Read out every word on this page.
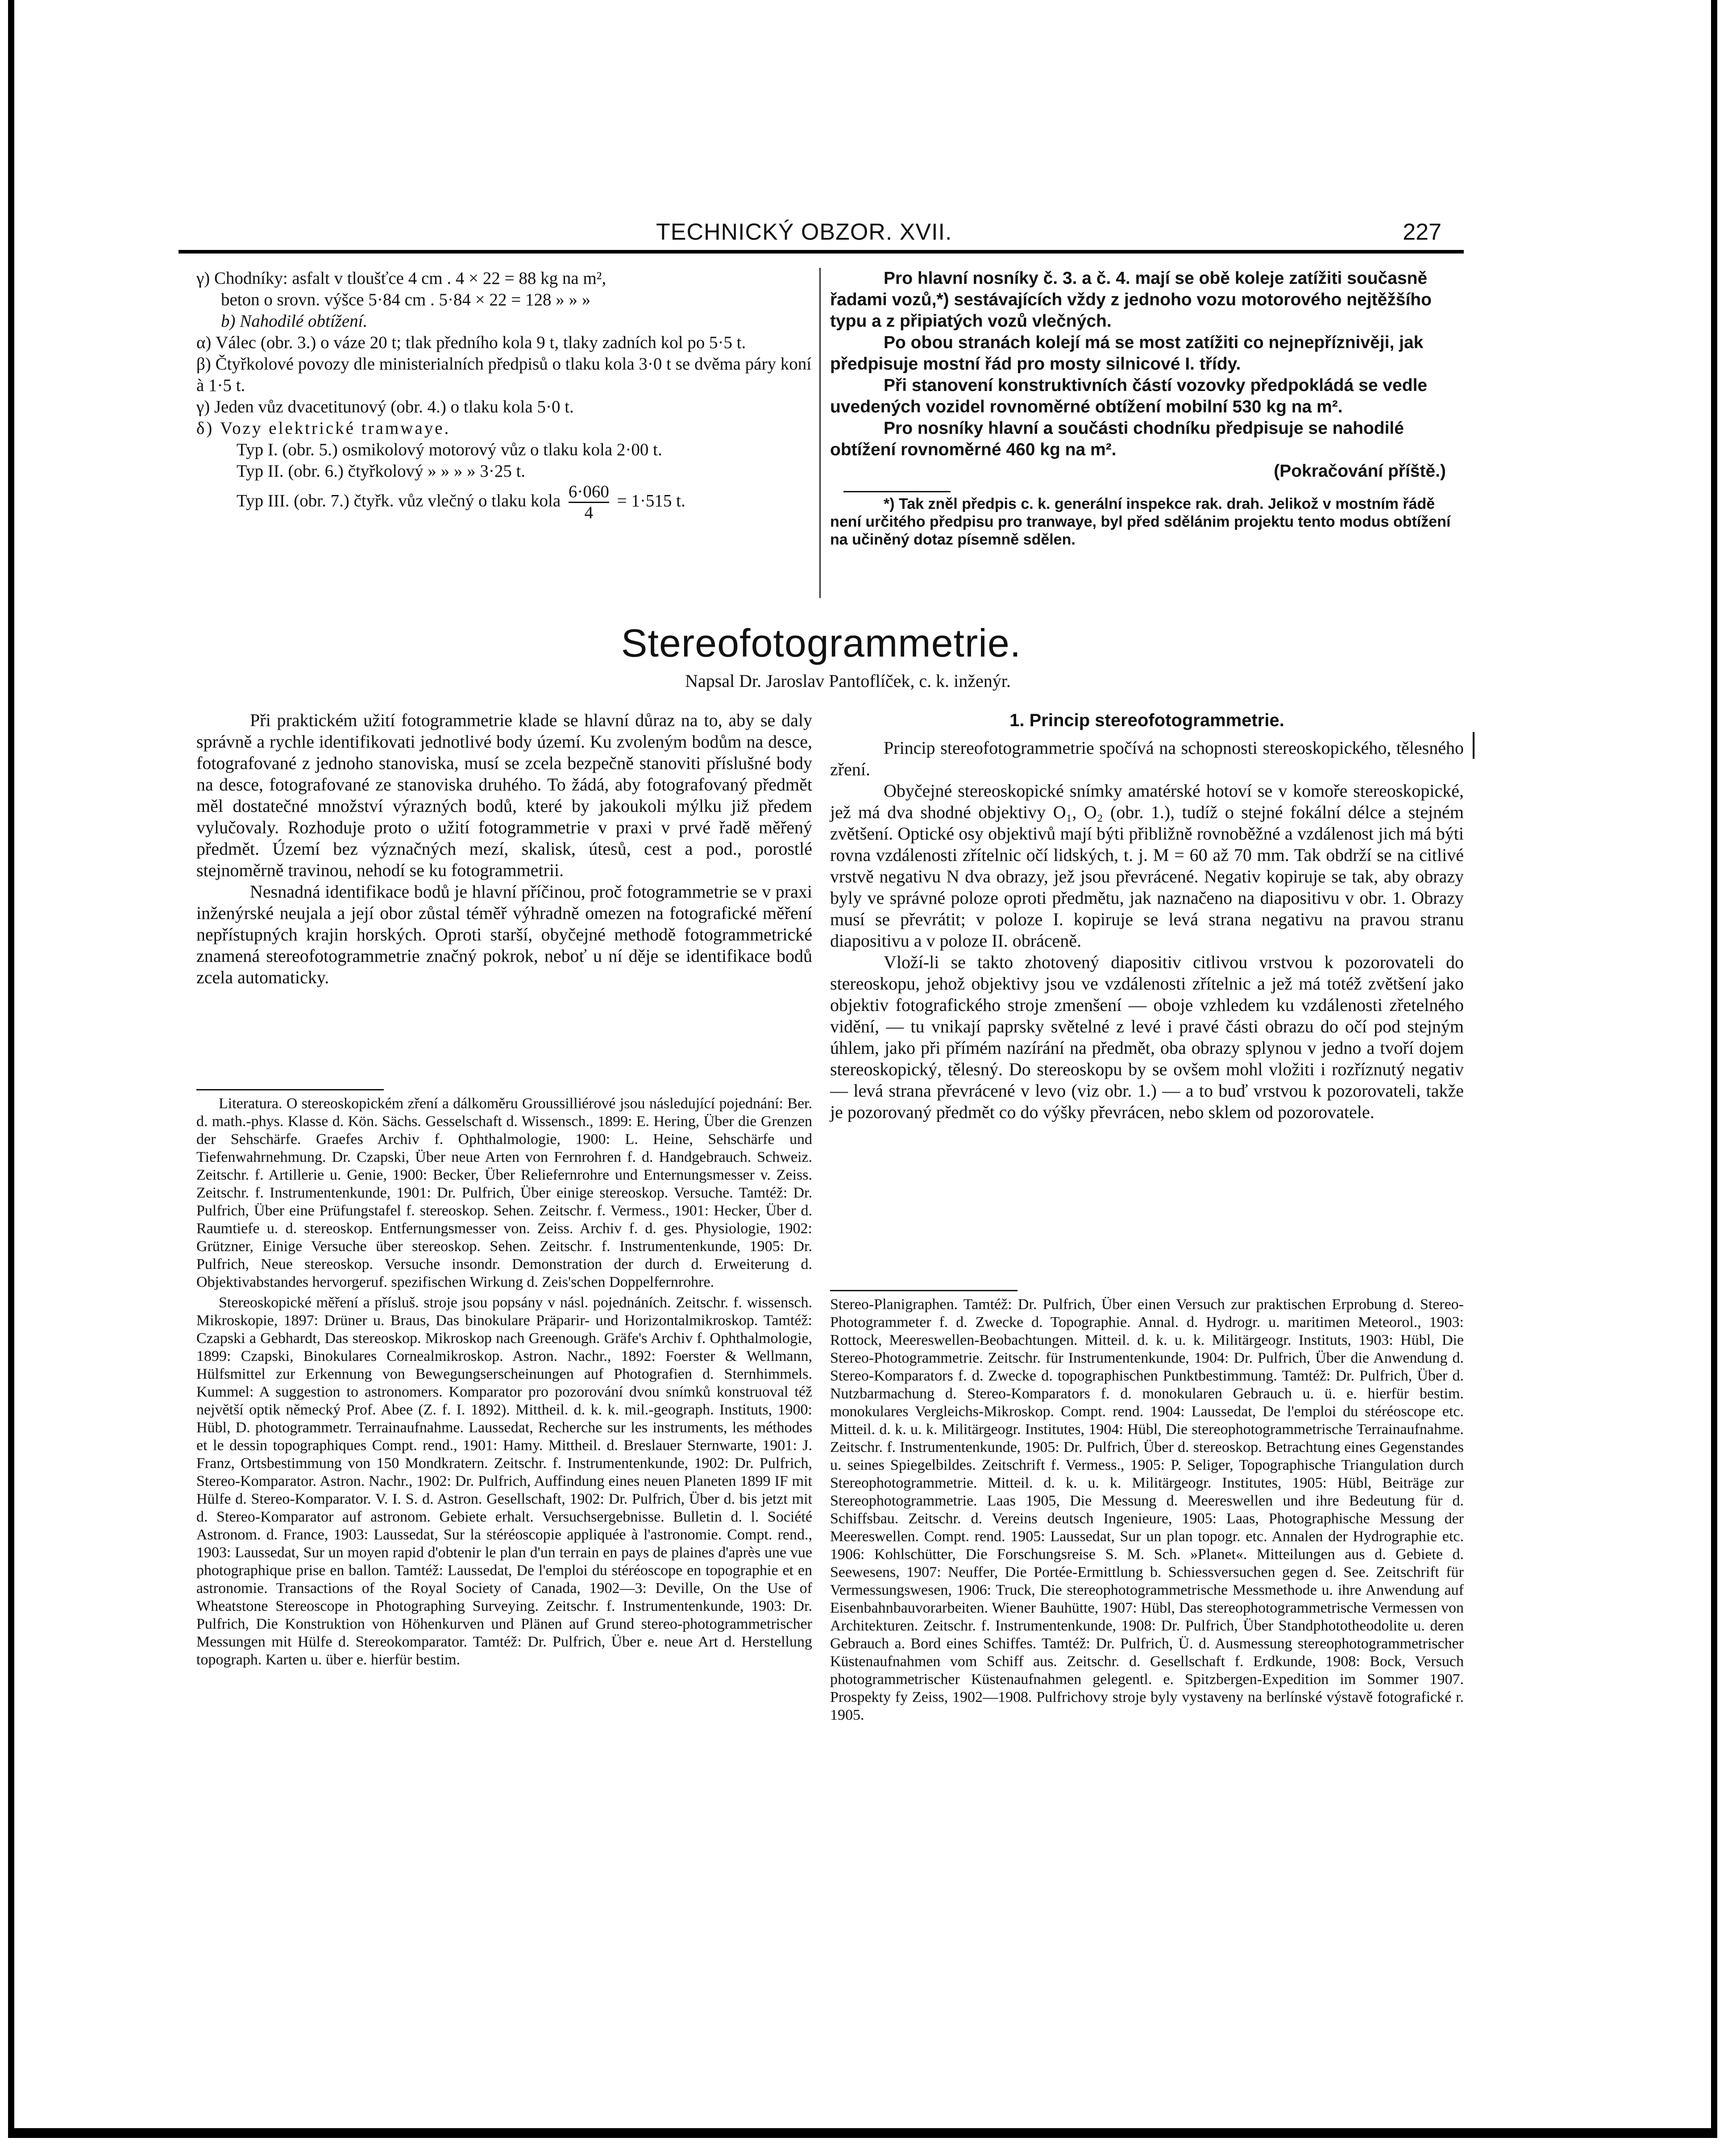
TECHNICKÝ OBZOR. XVII.	227

γ) Chodníky: asfalt v tloušťce 4 cm . 4 × 22 = 88 kg na m²,

beton o srovn. výšce 5·84 cm . 5·84 × 22 = 128 » » »

b) Nahodilé obtížení.

α) Válec (obr. 3.) o váze 20 t; tlak předního kola 9 t, tlaky zadních kol po 5·5 t.

β) Čtyřkolové povozy dle ministerialních předpisů o tlaku kola 3·0 t se dvěma páry koní à 1·5 t.

γ) Jeden vůz dvacetitunový (obr. 4.) o tlaku kola 5·0 t.

δ) Vozy elektrické tramwaye.

Typ I. (obr. 5.) osmikolový motorový vůz o tlaku kola 2·00 t.

Typ II. (obr. 6.) čtyřkolový » » » » 3·25 t.

Typ III. (obr. 7.) čtyřk. vůz vlečný o tlaku kola $\frac{6\cdot 060}{4} = 1\cdot 515$ t.

Pro hlavní nosníky č. 3. a č. 4. mají se obě koleje zatížiti současně řadami vozů,*) sestávajících vždy z jednoho vozu motorového nejtěžšího typu a z připiatých vozů vlečných.

Po obou stranách kolejí má se most zatížiti co nejnepříznivěji, jak předpisuje mostní řád pro mosty silnicové I. třídy.

Při stanovení konstruktivních částí vozovky předpokládá se vedle uvedených vozidel rovnoměrné obtížení mobilní 530 kg na m².

Pro nosníky hlavní a součásti chodníku předpisuje se nahodilé obtížení rovnoměrné 460 kg na m².

(Pokračování příště.)

*) Tak zněl předpis c. k. generální inspekce rak. drah. Jelikož v mostním řádě není určitého předpisu pro tranwaye, byl před sdělánim projektu tento modus obtížení na učiněný dotaz písemně sdělen.

Stereofotogrammetrie.
Napsal Dr. Jaroslav Pantoflíček, c. k. inženýr.

Při praktickém užití fotogrammetrie klade se hlavní důraz na to, aby se daly správně a rychle identifikovati jednotlivé body území. Ku zvoleným bodům na desce, fotografované z jednoho stanoviska, musí se zcela bezpečně stanoviti příslušné body na desce, fotografované ze stanoviska druhého. To žádá, aby fotografovaný předmět měl dostatečné množství výrazných bodů, které by jakoukoli mýlku již předem vylučovaly. Rozhoduje proto o užití fotogrammetrie v praxi v prvé řadě měřený předmět. Území bez význačných mezí, skalisk, útesů, cest a pod., porostlé stejnoměrně travinou, nehodí se ku fotogrammetrii.

Nesnadná identifikace bodů je hlavní příčinou, proč fotogrammetrie se v praxi inženýrské neujala a její obor zůstal téměř výhradně omezen na fotografické měření nepřístupných krajin horských. Oproti starší, obyčejné methodě fotogrammetrické znamená stereofotogrammetrie značný pokrok, neboť u ní děje se identifikace bodů zcela automaticky.

1. Princip stereofotogrammetrie.

Princip stereofotogrammetrie spočívá na schopnosti stereoskopického, tělesného zření.

Obyčejné stereoskopické snímky amatérské hotoví se v komoře stereoskopické, jež má dva shodné objektivy O₁, O₂ (obr. 1.), tudíž o stejné fokální délce a stejném zvětšení. Optické osy objektivů mají býti přibližně rovnoběžné a vzdálenost jich má býti rovna vzdálenosti zřítelnic očí lidských, t. j. M = 60 až 70 mm. Tak obdrží se na citlivé vrstvě negativu N dva obrazy, jež jsou převrácené. Negativ kopiruje se tak, aby obrazy byly ve správné poloze oproti předmětu, jak naznačeno na diapositivu v obr. 1. Obrazy musí se převrátit; v poloze I. kopiruje se levá strana negativu na pravou stranu diapositivu a v poloze II. obráceně.

Vloží-li se takto zhotovený diapositiv citlivou vrstvou k pozorovateli do stereoskopu, jehož objektivy jsou ve vzdálenosti zřítelnic a jež má totéž zvětšení jako objektiv fotografického stroje zmenšení — oboje vzhledem ku vzdálenosti zřetelného vidění, — tu vnikají paprsky světelné z levé i pravé části obrazu do očí pod stejným úhlem, jako při přímém nazírání na předmět, oba obrazy splynou v jedno a tvoří dojem stereoskopický, tělesný. Do stereoskopu by se ovšem mohl vložiti i rozříznutý negativ — levá strana převrácené v levo (viz obr. 1.) — a to buď vrstvou k pozorovateli, takže je pozorovaný předmět co do výšky převrácen, nebo sklem od pozorovatele.

Literatura. O stereoskopickém zření a dálkoměru Groussilliérové jsou následující pojednání: Ber. d. math.-phys. Klasse d. Kön. Sächs. Gesselschaft d. Wissensch., 1899: E. Hering, Über die Grenzen der Sehschärfe. Graefes Archiv f. Ophthalmologie, 1900: L. Heine, Sehschärfe und Tiefenwahrnehmung. Dr. Czapski, Über neue Arten von Fernrohren f. d. Handgebrauch. Schweiz. Zeitschr. f. Artillerie u. Genie, 1900: Becker, Über Reliefernrohre und Enternungsmesser v. Zeiss. Zeitschr. f. Instrumentenkunde, 1901: Dr. Pulfrich, Über einige stereoskop. Versuche. Tamtéž: Dr. Pulfrich, Über eine Prüfungstafel f. stereoskop. Sehen. Zeitschr. f. Vermess., 1901: Hecker, Über d. Raumtiefe u. d. stereoskop. Entfernungsmesser von. Zeiss. Archiv f. d. ges. Physiologie, 1902: Grützner, Einige Versuche über stereoskop. Sehen. Zeitschr. f. Instrumentenkunde, 1905: Dr. Pulfrich, Neue stereoskop. Versuche insondr. Demonstration der durch d. Erweiterung d. Objektivabstandes hervorgeruf. spezifischen Wirkung d. Zeis'schen Doppelfernrohre.

Stereoskopické měření a přísluš. stroje jsou popsány v násl. pojednáních. Zeitschr. f. wissensch. Mikroskopie, 1897: Drüner u. Braus, Das binokulare Präparir- und Horizontalmikroskop. Tamtéž: Czapski a Gebhardt, Das stereoskop. Mikroskop nach Greenough. Gräfe's Archiv f. Ophthalmologie, 1899: Czapski, Binokulares Cornealmikroskop. Astron. Nachr., 1892: Foerster & Wellmann, Hülfsmittel zur Erkennung von Bewegungserscheinungen auf Photografien d. Sternhimmels. Kummel: A suggestion to astronomers. Komparator pro pozorování dvou snímků konstruoval též největší optik německý Prof. Abee (Z. f. I. 1892). Mittheil. d. k. k. mil.-geograph. Instituts, 1900: Hübl, D. photogrammetr. Terrainaufnahme. Laussedat, Recherche sur les instruments, les méthodes et le dessin topographiques Compt. rend., 1901: Hamy. Mittheil. d. Breslauer Sternwarte, 1901: J. Franz, Ortsbestimmung von 150 Mondkratern. Zeitschr. f. Instrumentenkunde, 1902: Dr. Pulfrich, Stereo-Komparator. Astron. Nachr., 1902: Dr. Pulfrich, Auffindung eines neuen Planeten 1899 IF mit Hülfe d. Stereo-Komparator. V. I. S. d. Astron. Gesellschaft, 1902: Dr. Pulfrich, Über d. bis jetzt mit d. Stereo-Komparator auf astronom. Gebiete erhalt. Versuchsergebnisse. Bulletin d. l. Société Astronom. d. France, 1903: Laussedat, Sur la stéréoscopie appliquée à l'astronomie. Compt. rend., 1903: Laussedat, Sur un moyen rapid d'obtenir le plan d'un terrain en pays de plaines d'après une vue photographique prise en ballon. Tamtéž: Laussedat, De l'emploi du stéréoscope en topographie et en astronomie. Transactions of the Royal Society of Canada, 1902—3: Deville, On the Use of Wheatstone Stereoscope in Photographing Surveying. Zeitschr. f. Instrumentenkunde, 1903: Dr. Pulfrich, Die Konstruktion von Höhenkurven und Plänen auf Grund stereo-photogrammetrischer Messungen mit Hülfe d. Stereokomparator. Tamtéž: Dr. Pulfrich, Über e. neue Art d. Herstellung topograph. Karten u. über e. hierfür bestim.

Stereo-Planigraphen. Tamtéž: Dr. Pulfrich, Über einen Versuch zur praktischen Erprobung d. Stereo-Photogrammeter f. d. Zwecke d. Topographie. Annal. d. Hydrogr. u. maritimen Meteorol., 1903: Rottock, Meereswellen-Beobachtungen. Mitteil. d. k. u. k. Militärgeogr. Instituts, 1903: Hübl, Die Stereo-Photogrammetrie. Zeitschr. für Instrumentenkunde, 1904: Dr. Pulfrich, Über die Anwendung d. Stereo-Komparators f. d. Zwecke d. topographischen Punktbestimmung. Tamtéž: Dr. Pulfrich, Über d. Nutzbarmachung d. Stereo-Komparators f. d. monokularen Gebrauch u. ü. e. hierfür bestim. monokulares Vergleichs-Mikroskop. Compt. rend. 1904: Laussedat, De l'emploi du stéréoscope etc. Mitteil. d. k. u. k. Militärgeogr. Institutes, 1904: Hübl, Die stereophotogrammetrische Terrainaufnahme. Zeitschr. f. Instrumentenkunde, 1905: Dr. Pulfrich, Über d. stereoskop. Betrachtung eines Gegenstandes u. seines Spiegelbildes. Zeitschrift f. Vermess., 1905: P. Seliger, Topographische Triangulation durch Stereophotogrammetrie. Mitteil. d. k. u. k. Militärgeogr. Institutes, 1905: Hübl, Beiträge zur Stereophotogrammetrie. Laas 1905, Die Messung d. Meereswellen und ihre Bedeutung für d. Schiffsbau. Zeitschr. d. Vereins deutsch Ingenieure, 1905: Laas, Photographische Messung der Meereswellen. Compt. rend. 1905: Laussedat, Sur un plan topogr. etc. Annalen der Hydrographie etc. 1906: Kohlschütter, Die Forschungsreise S. M. Sch. »Planet«. Mitteilungen aus d. Gebiete d. Seewesens, 1907: Neuffer, Die Portée-Ermittlung b. Schiessversuchen gegen d. See. Zeitschrift für Vermessungswesen, 1906: Truck, Die stereophotogrammetrische Messmethode u. ihre Anwendung auf Eisenbahnbauvorarbeiten. Wiener Bauhütte, 1907: Hübl, Das stereophotogrammetrische Vermessen von Architekturen. Zeitschr. f. Instrumentenkunde, 1908: Dr. Pulfrich, Über Standphototheodolite u. deren Gebrauch a. Bord eines Schiffes. Tamtéž: Dr. Pulfrich, Ü. d. Ausmessung stereophotogrammetrischer Küstenaufnahmen vom Schiff aus. Zeitschr. d. Gesellschaft f. Erdkunde, 1908: Bock, Versuch photogrammetrischer Küstenaufnahmen gelegentl. e. Spitzbergen-Expedition im Sommer 1907. Prospekty fy Zeiss, 1902—1908. Pulfrichovy stroje byly vystaveny na berlínské výstavě fotografické r. 1905.
